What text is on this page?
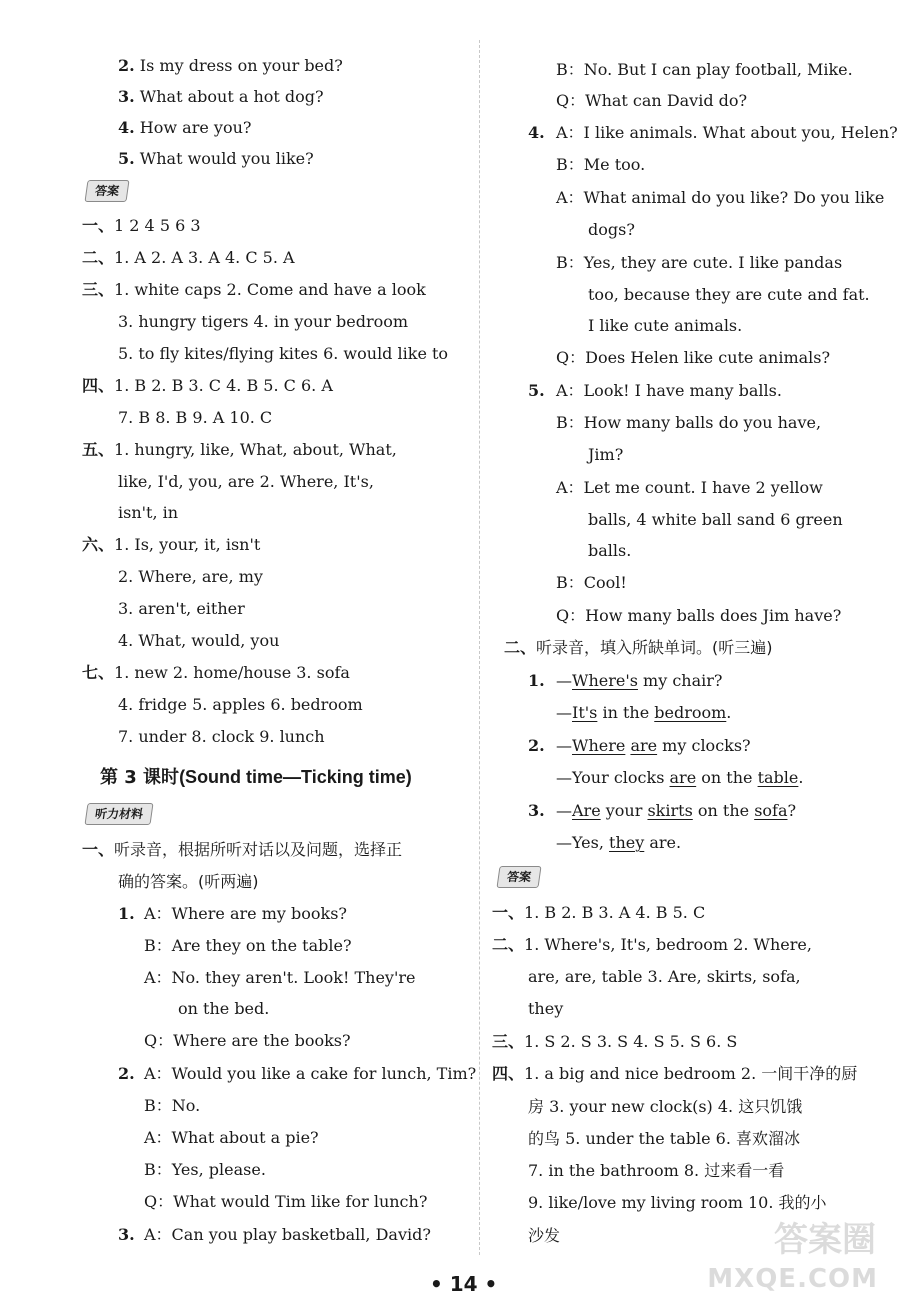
2. Is my dress on your bed?
3. What about a hot dog?
4. How are you?
5. What would you like?
答案
一、1 2 4 5 6 3
二、1. A 2. A 3. A 4. C 5. A
三、1. white caps 2. Come and have a look
3. hungry tigers 4. in your bedroom
5. to fly kites/flying kites 6. would like to
四、1. B 2. B 3. C 4. B 5. C 6. A
7. B 8. B 9. A 10. C
五、1. hungry, like, What, about, What,
like, I'd, you, are 2. Where, It's,
isn't, in
六、1. Is, your, it, isn't
2. Where, are, my
3. aren't, either
4. What, would, you
七、1. new 2. home/house 3. sofa
4. fridge 5. apples 6. bedroom
7. under 8. clock 9. lunch
第 3 课时(Sound time—Ticking time)
听力材料
一、听录音，根据所听对话以及问题，选择正
确的答案。(听两遍)
1. A：Where are my books?
B：Are they on the table?
A：No. they aren't. Look! They're
on the bed.
Q：Where are the books?
2. A：Would you like a cake for lunch, Tim?
B：No.
A：What about a pie?
B：Yes, please.
Q：What would Tim like for lunch?
3. A：Can you play basketball, David?
B：No. But I can play football, Mike.
Q：What can David do?
4. A：I like animals. What about you, Helen?
B：Me too.
A：What animal do you like? Do you like
dogs?
B：Yes, they are cute. I like pandas
too, because they are cute and fat.
I like cute animals.
Q：Does Helen like cute animals?
5. A：Look! I have many balls.
B：How many balls do you have,
Jim?
A：Let me count. I have 2 yellow
balls, 4 white ball sand 6 green
balls.
B：Cool!
Q：How many balls does Jim have?
二、听录音，填入所缺单词。(听三遍)
1. —Where's my chair?
—It's in the bedroom.
2. —Where are my clocks?
—Your clocks are on the table.
3. —Are your skirts on the sofa?
—Yes, they are.
答案
一、1. B 2. B 3. A 4. B 5. C
二、1. Where's, It's, bedroom 2. Where,
are, are, table 3. Are, skirts, sofa,
they
三、1. S 2. S 3. S 4. S 5. S 6. S
四、1. a big and nice bedroom 2. 一间干净的厨
房 3. your new clock(s) 4. 这只饥饿
的鸟 5. under the table 6. 喜欢溜冰
7. in the bathroom 8. 过来看一看
9. like/love my living room 10. 我的小
沙发
• 14 •
答案圈
MXQE.COM
